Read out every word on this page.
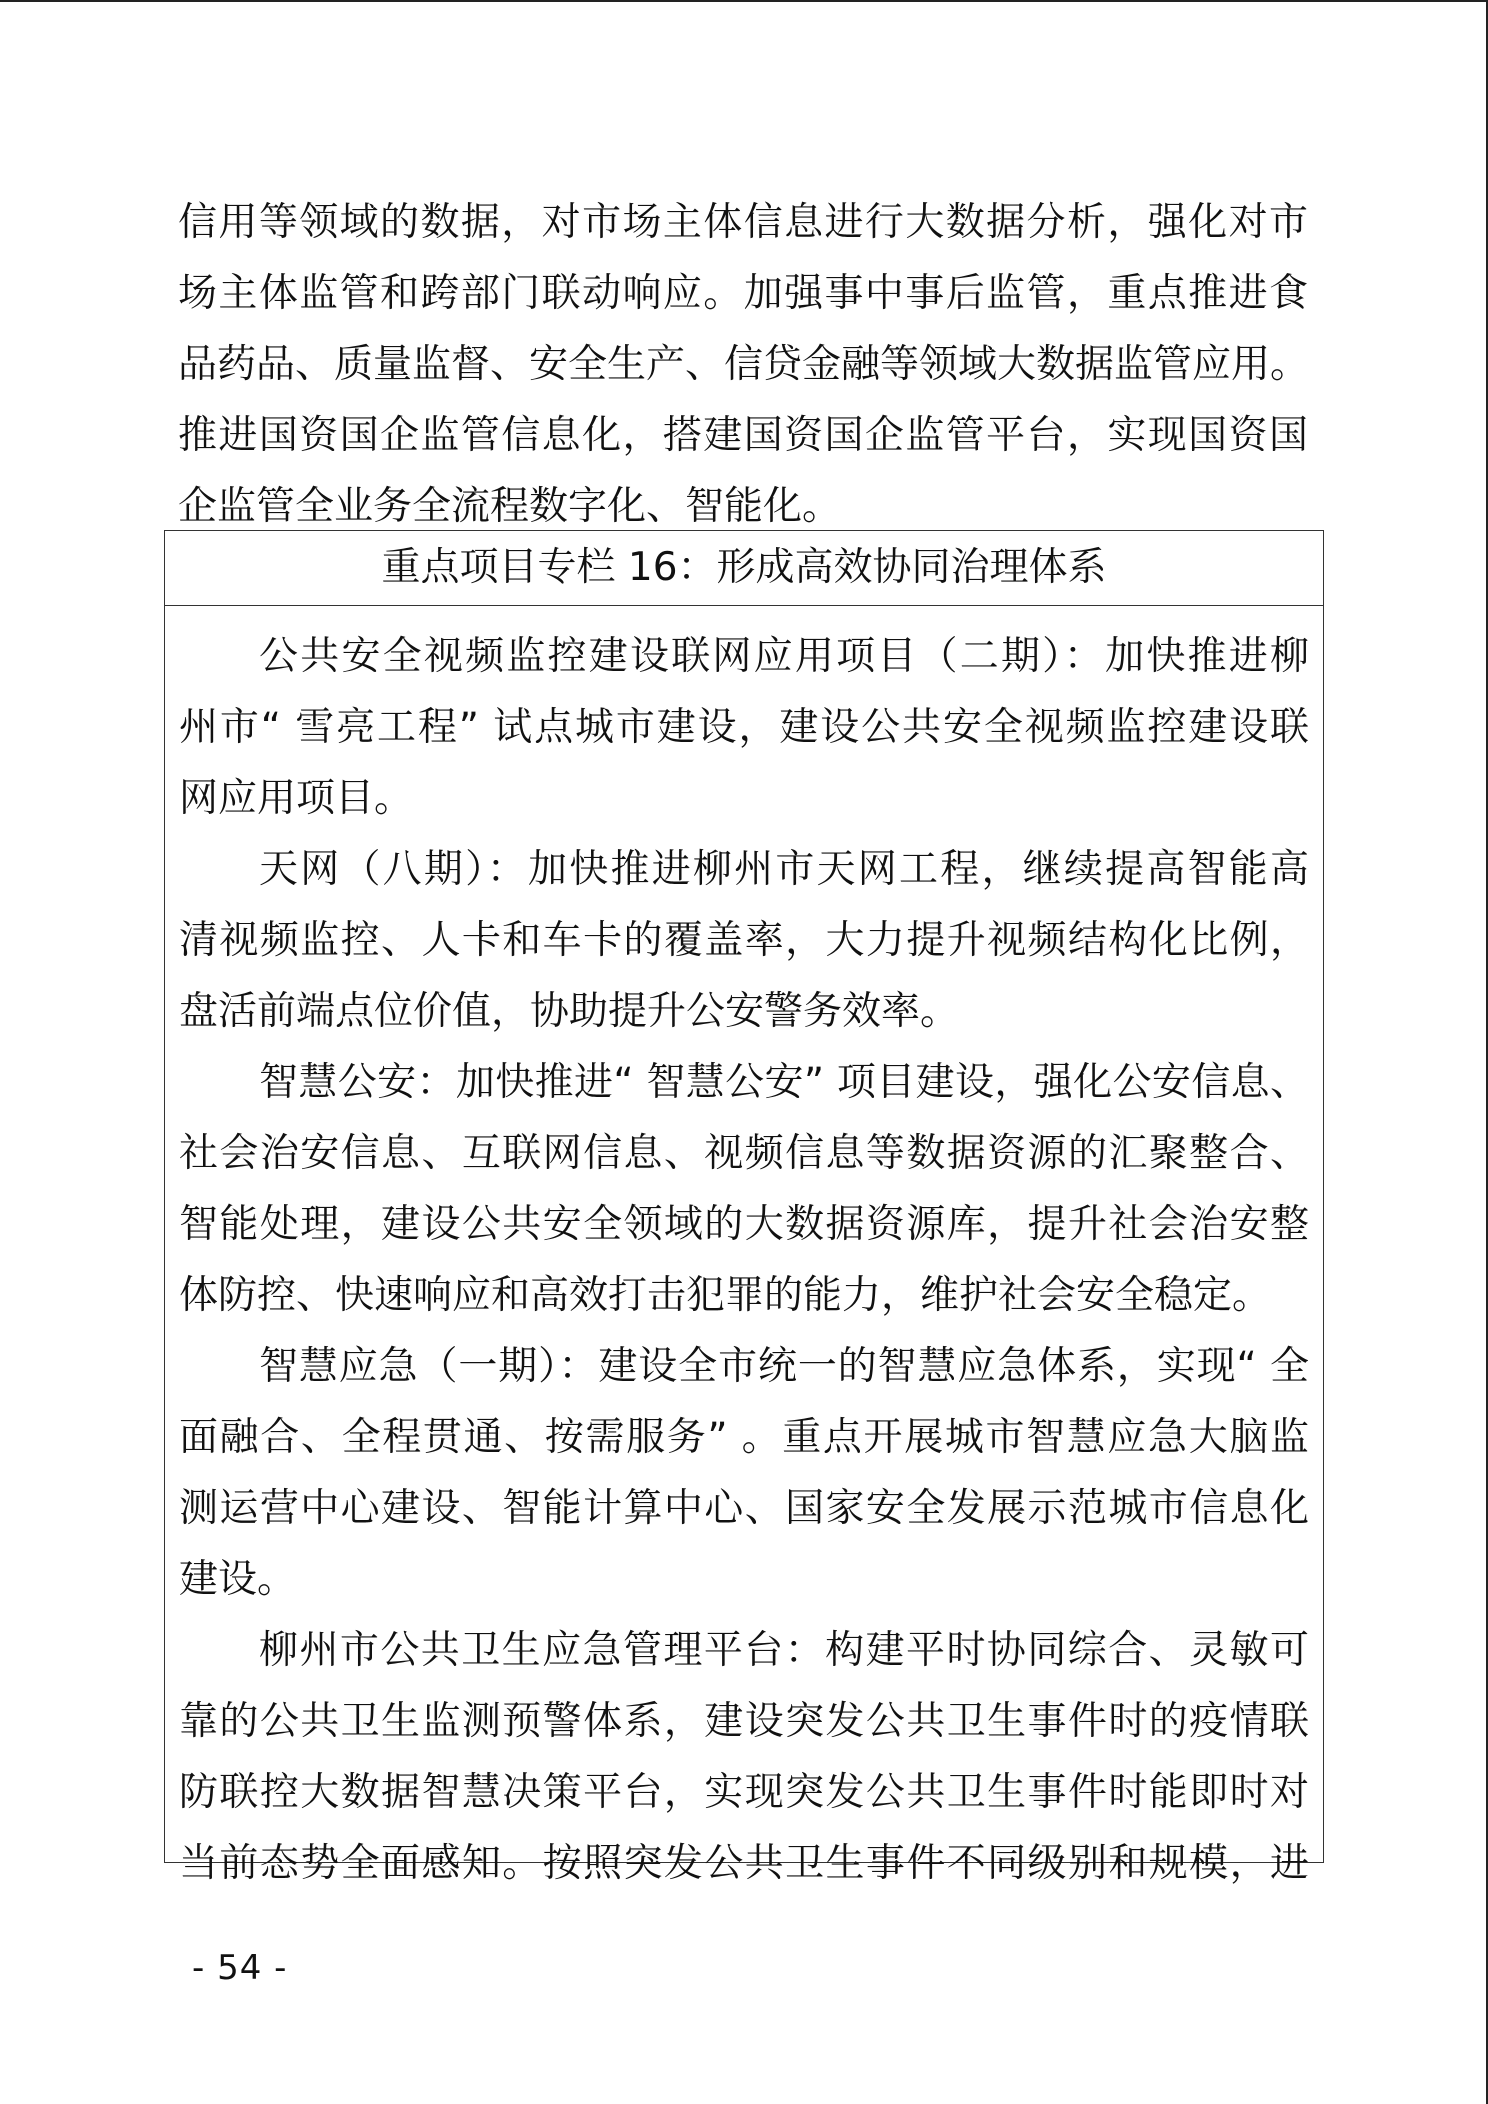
信用等领域的数据，对市场主体信息进行大数据分析，强化对市
场主体监管和跨部门联动响应。加强事中事后监管，重点推进食
品药品、质量监督、安全生产、信贷金融等领域大数据监管应用。
推进国资国企监管信息化，搭建国资国企监管平台，实现国资国
企监管全业务全流程数字化、智能化。
重点项目专栏 16：形成高效协同治理体系
公共安全视频监控建设联网应用项目（二期）：加快推进柳
州市“ 雪亮工程” 试点城市建设，建设公共安全视频监控建设联
网应用项目。
天网（八期）：加快推进柳州市天网工程，继续提高智能高
清视频监控、人卡和车卡的覆盖率，大力提升视频结构化比例，
盘活前端点位价值，协助提升公安警务效率。
智慧公安：加快推进“ 智慧公安” 项目建设，强化公安信息、
社会治安信息、互联网信息、视频信息等数据资源的汇聚整合、
智能处理，建设公共安全领域的大数据资源库，提升社会治安整
体防控、快速响应和高效打击犯罪的能力，维护社会安全稳定。
智慧应急（一期）：建设全市统一的智慧应急体系，实现“ 全
面融合、全程贯通、按需服务” 。重点开展城市智慧应急大脑监
测运营中心建设、智能计算中心、国家安全发展示范城市信息化
建设。
柳州市公共卫生应急管理平台：构建平时协同综合、灵敏可
靠的公共卫生监测预警体系，建设突发公共卫生事件时的疫情联
防联控大数据智慧决策平台，实现突发公共卫生事件时能即时对
当前态势全面感知。按照突发公共卫生事件不同级别和规模，进
- 54 -
